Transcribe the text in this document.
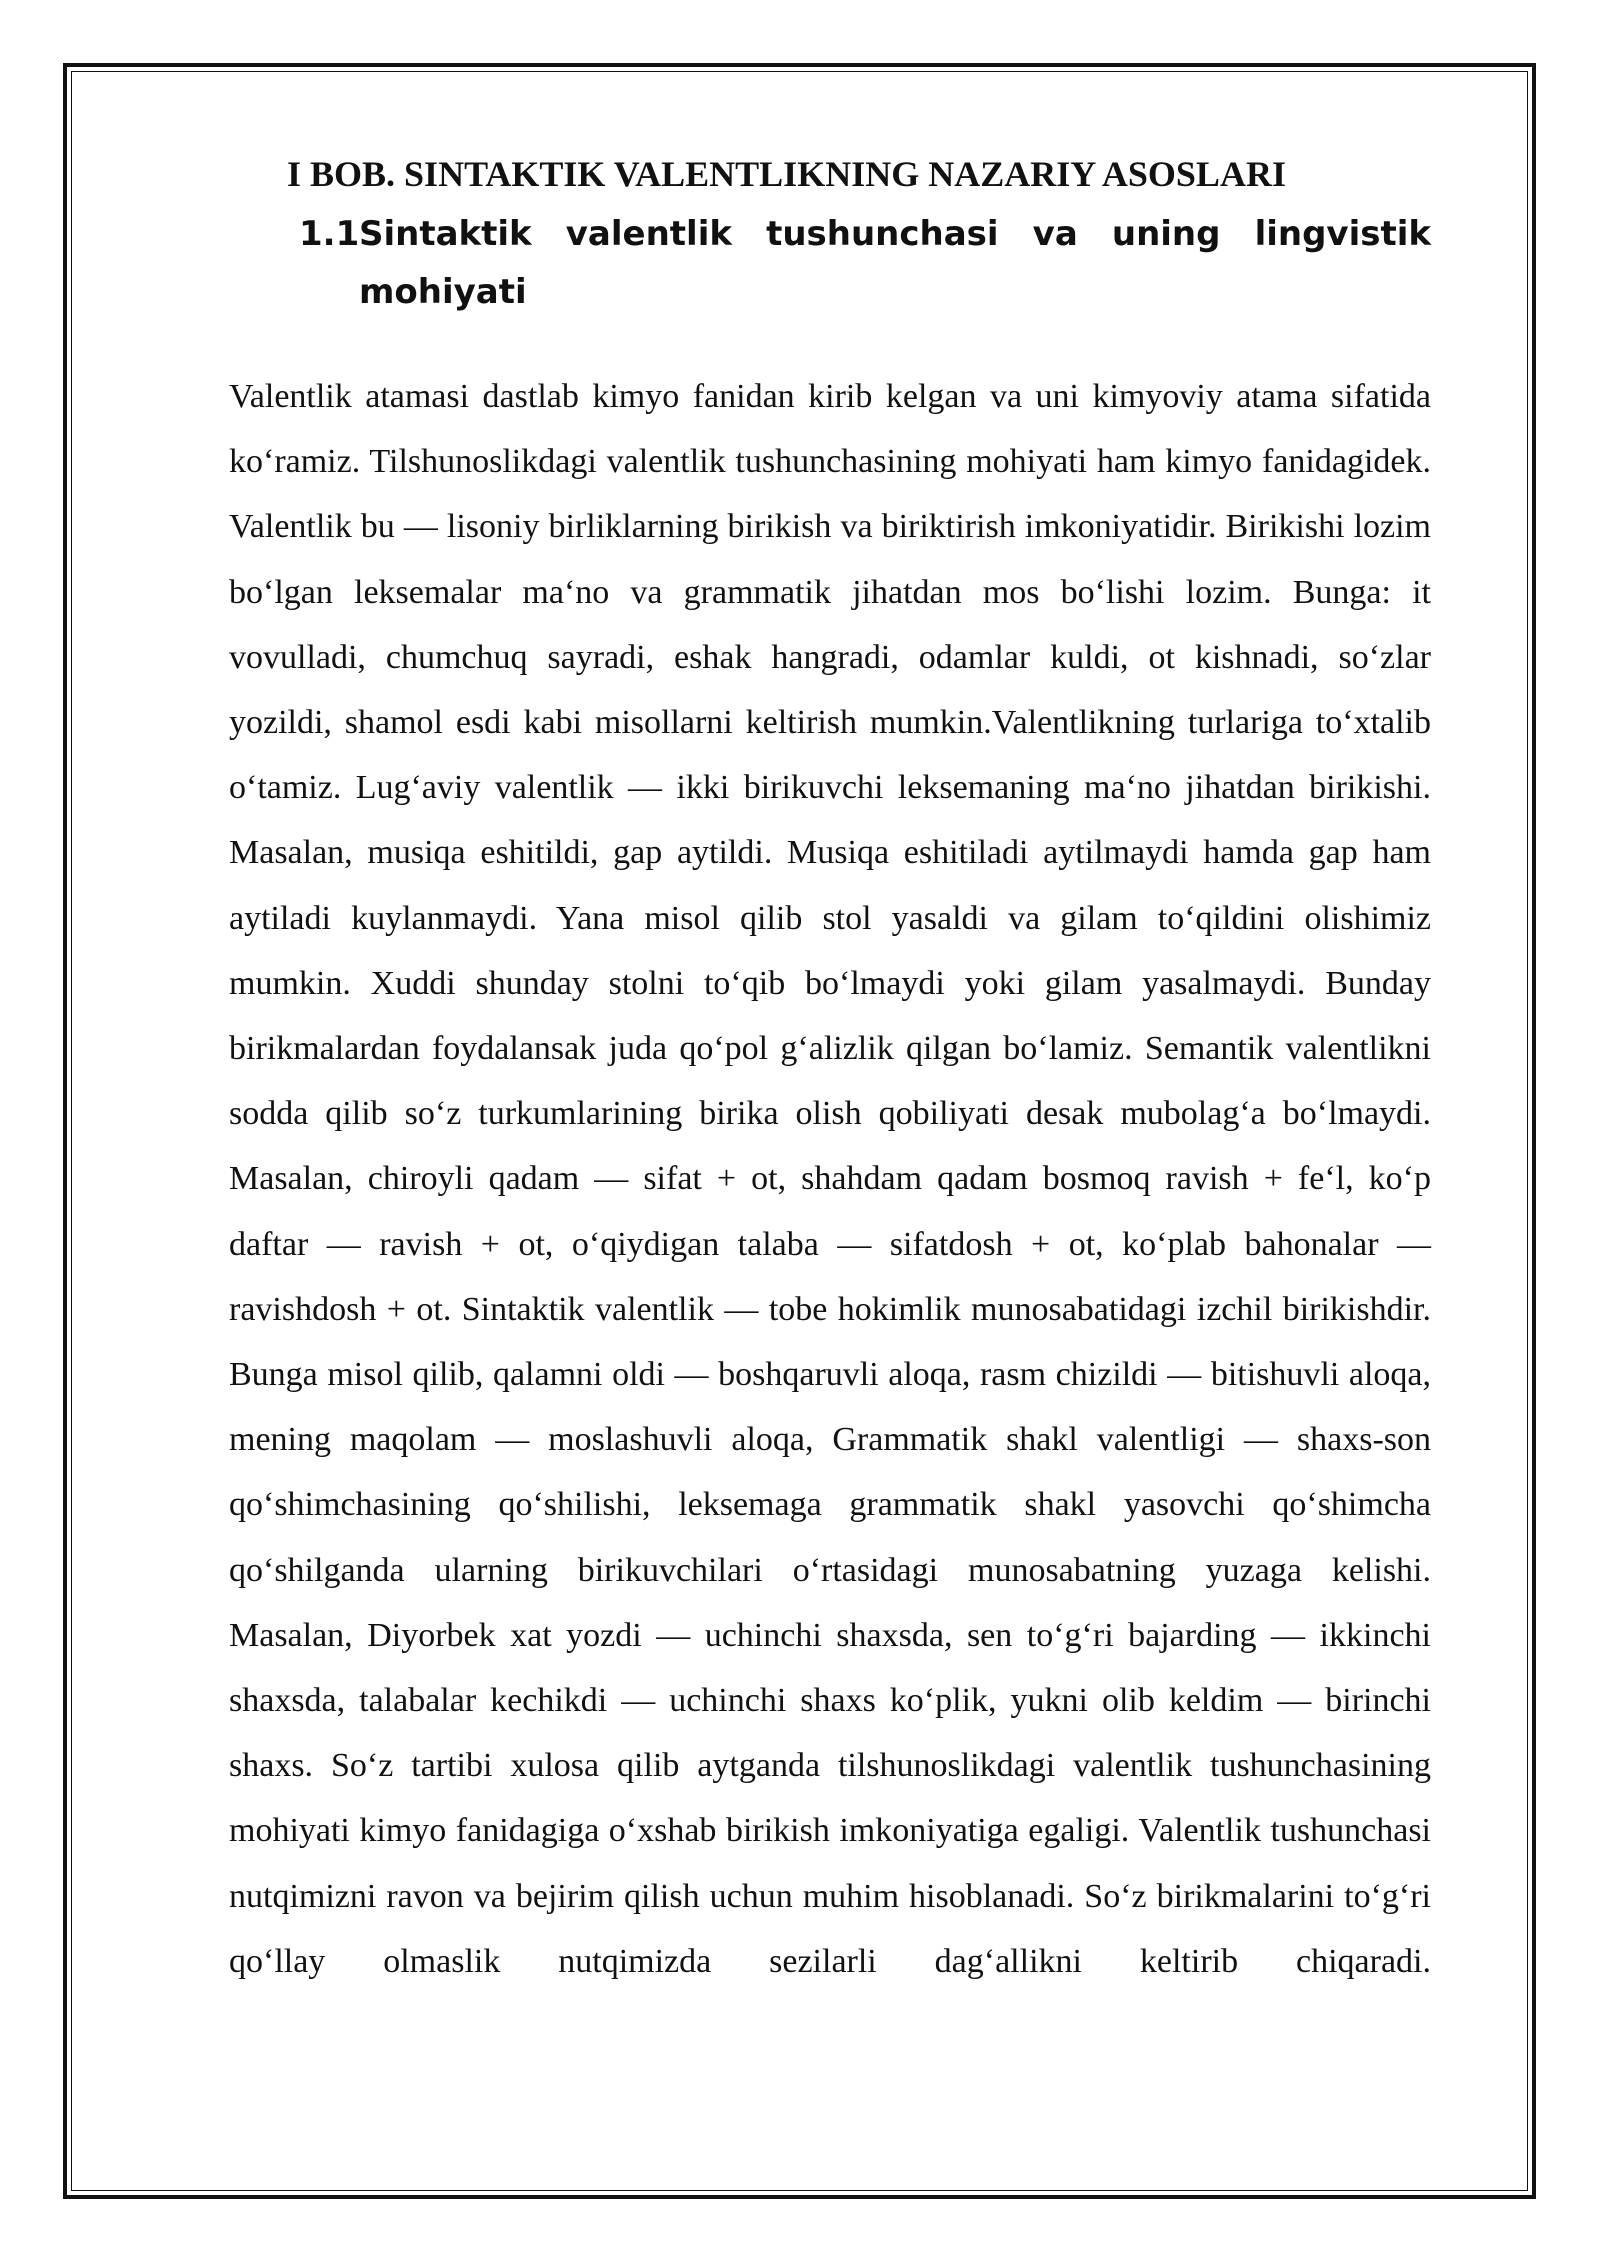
I BOB. SINTAKTIK VALENTLIKNING NAZARIY ASOSLARI
1.1 Sintaktik valentlik tushunchasi va uning lingvistik mohiyati

Valentlik atamasi dastlab kimyo fanidan kirib kelgan va uni kimyoviy atama sifatida ko‘ramiz. Tilshunoslikdagi valentlik tushunchasining mohiyati ham kimyo fanidagidek. Valentlik bu — lisoniy birliklarning birikish va biriktirish imkoniyatidir. Birikishi lozim bo‘lgan leksemalar ma‘no va grammatik jihatdan mos bo‘lishi lozim. Bunga: it vovulladi, chumchuq sayradi, eshak hangradi, odamlar kuldi, ot kishnadi, so‘zlar yozildi, shamol esdi kabi misollarni keltirish mumkin.Valentlikning turlariga to‘xtalib o‘tamiz. Lug‘aviy valentlik — ikki birikuvchi leksemaning ma‘no jihatdan birikishi. Masalan, musiqa eshitildi, gap aytildi. Musiqa eshitiladi aytilmaydi hamda gap ham aytiladi kuylanmaydi. Yana misol qilib stol yasaldi va gilam to‘qildini olishimiz mumkin. Xuddi shunday stolni to‘qib bo‘lmaydi yoki gilam yasalmaydi. Bunday birikmalardan foydalansak juda qo‘pol g‘alizlik qilgan bo‘lamiz. Semantik valentlikni sodda qilib so‘z turkumlarining birika olish qobiliyati desak mubolag‘a bo‘lmaydi. Masalan, chiroyli qadam — sifat + ot, shahdam qadam bosmoq ravish + fe‘l, ko‘p daftar — ravish + ot, o‘qiydigan talaba — sifatdosh + ot, ko‘plab bahonalar — ravishdosh + ot. Sintaktik valentlik — tobe hokimlik munosabatidagi izchil birikishdir. Bunga misol qilib, qalamni oldi — boshqaruvli aloqa, rasm chizildi — bitishuvli aloqa, mening maqolam — moslashuvli aloqa, Grammatik shakl valentligi — shaxs-son qo‘shimchasining qo‘shilishi, leksemaga grammatik shakl yasovchi qo‘shimcha qo‘shilganda ularning birikuvchilari o‘rtasidagi munosabatning yuzaga kelishi. Masalan, Diyorbek xat yozdi — uchinchi shaxsda, sen to‘g‘ri bajarding — ikkinchi shaxsda, talabalar kechikdi — uchinchi shaxs ko‘plik, yukni olib keldim — birinchi shaxs. So‘z tartibi xulosa qilib aytganda tilshunoslikdagi valentlik tushunchasining mohiyati kimyo fanidagiga o‘xshab birikish imkoniyatiga egaligi. Valentlik tushunchasi nutqimizni ravon va bejirim qilish uchun muhim hisoblanadi. So‘z birikmalarini to‘g‘ri qo‘llay olmaslik nutqimizda sezilarli dag‘allikni keltirib chiqaradi.
